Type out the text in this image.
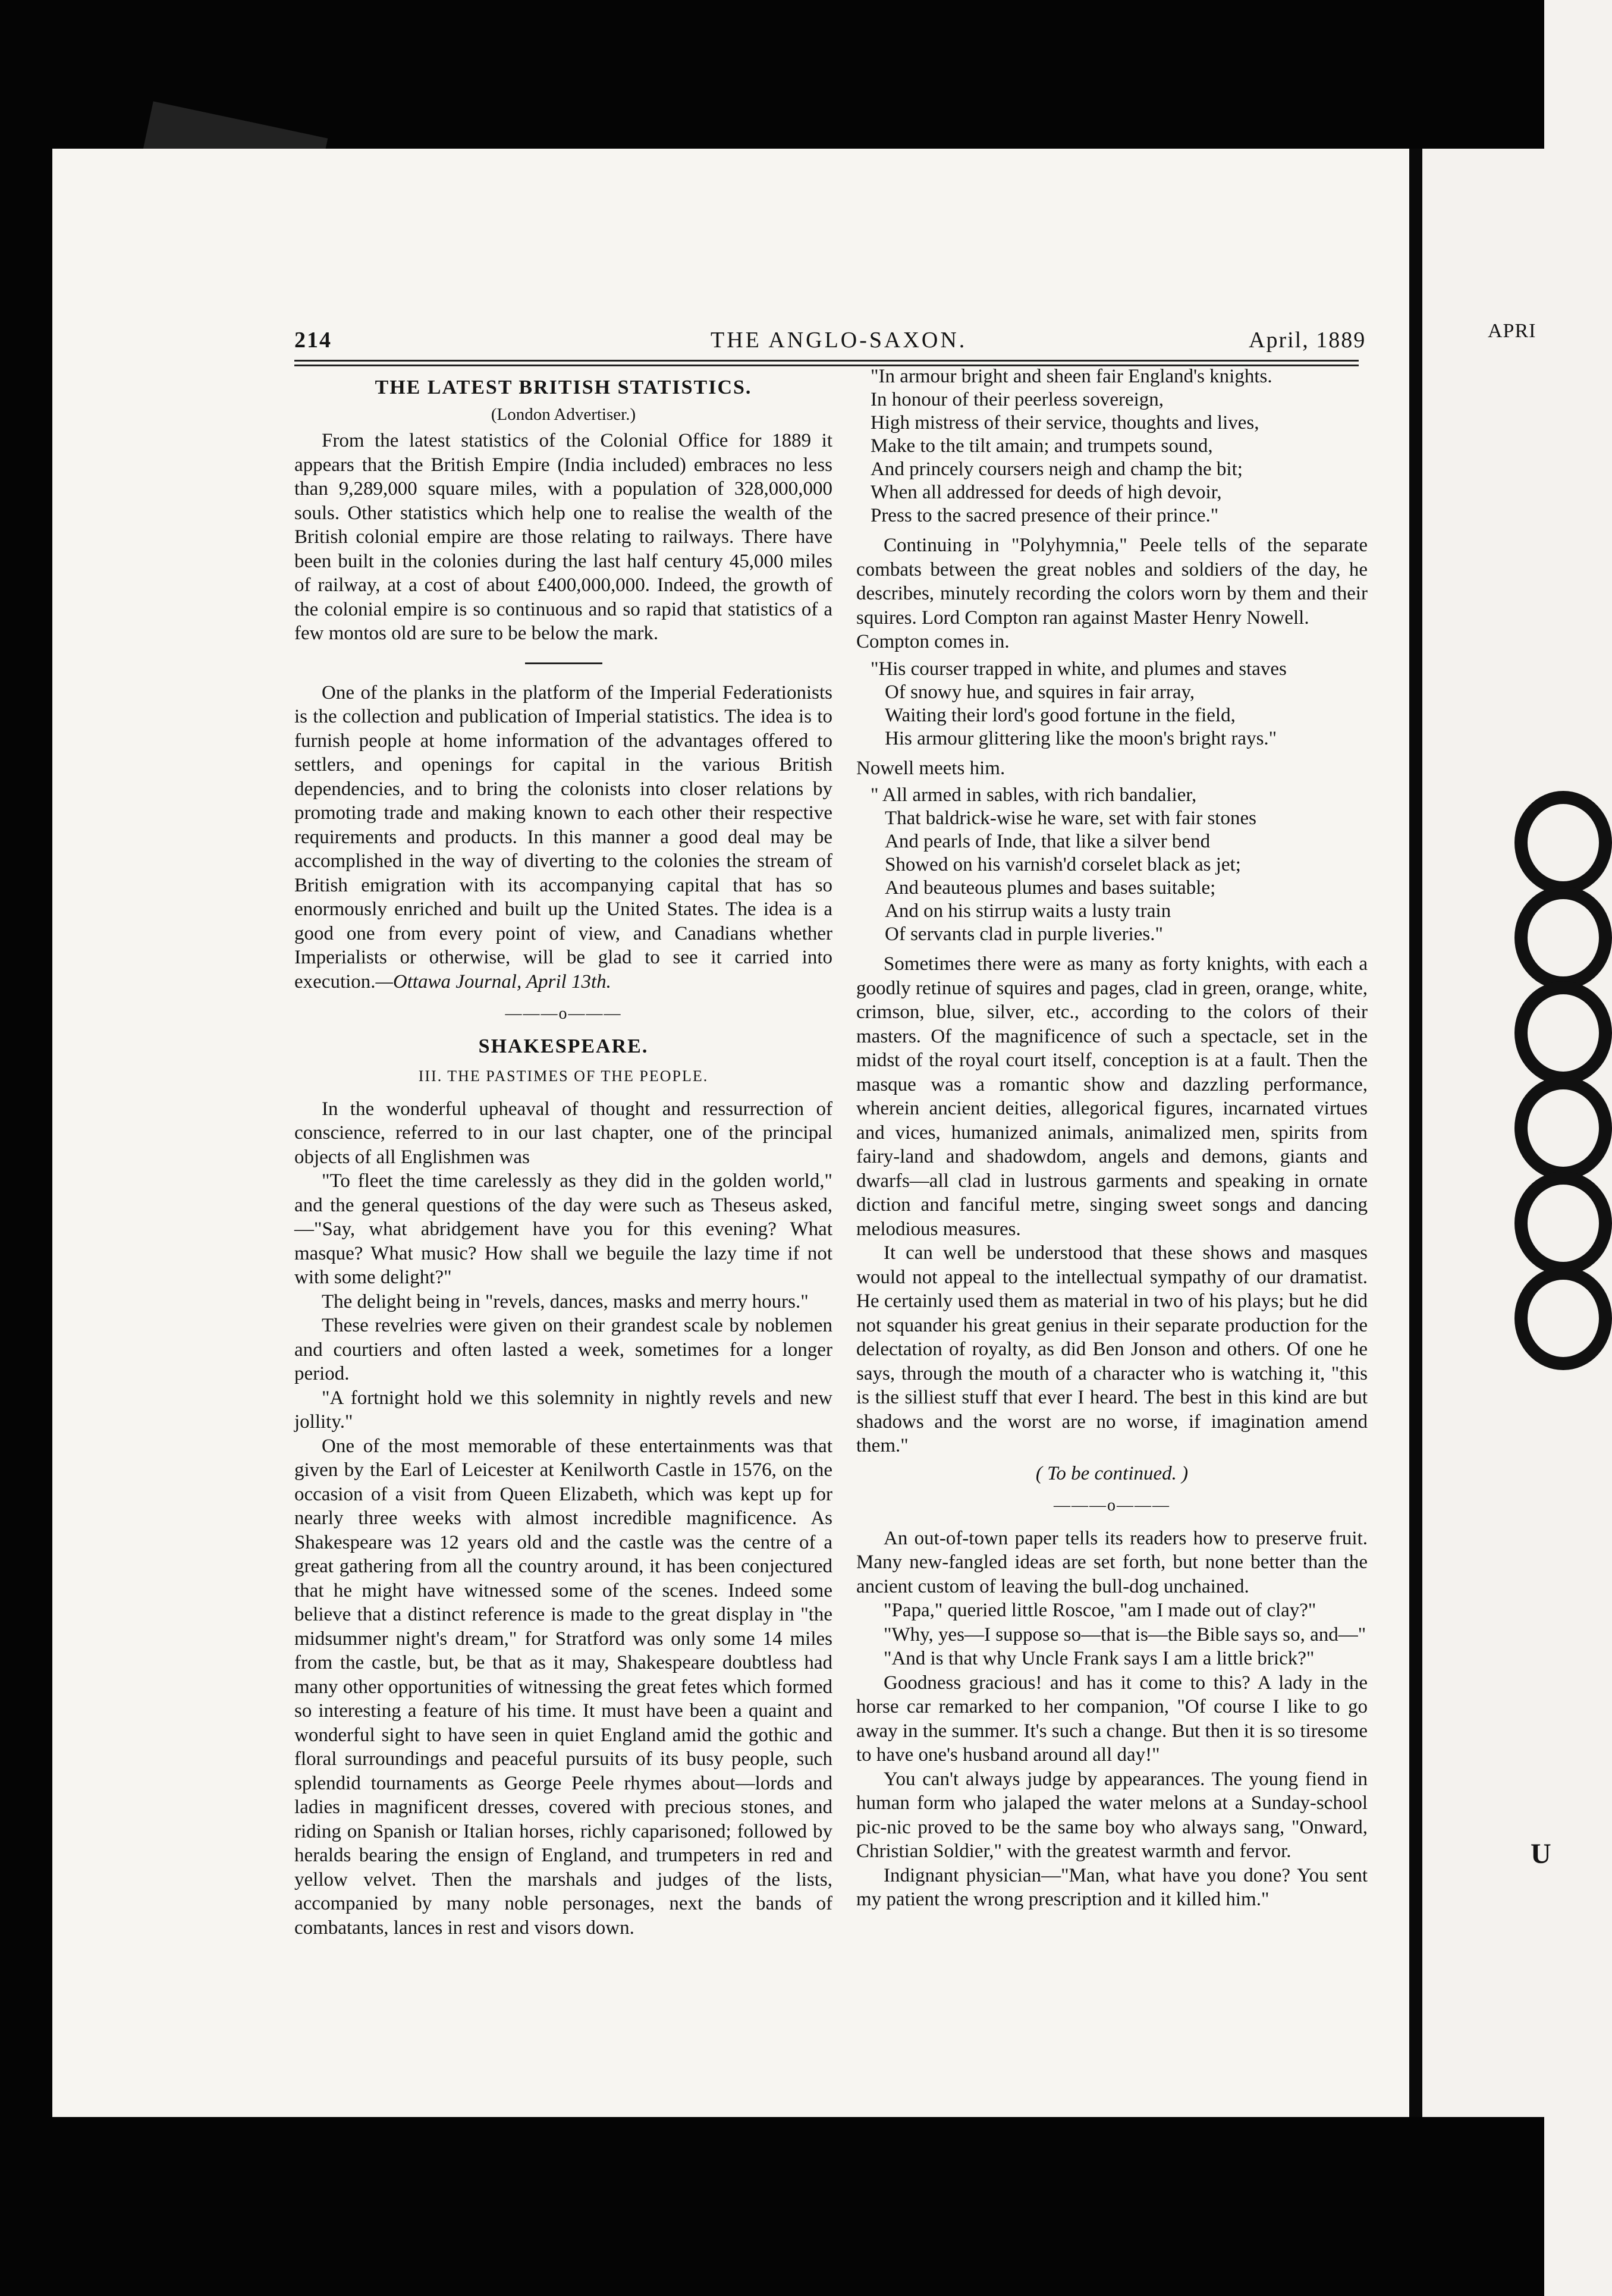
214	THE ANGLO-SAXON.	April, 1889
THE LATEST BRITISH STATISTICS.
(London Advertiser.)

From the latest statistics of the Colonial Office for 1889 it appears that the British Empire (India included) embraces no less than 9,289,000 square miles, with a population of 328,000,000 souls. Other statistics which help one to realise the wealth of the British colonial empire are those relating to railways. There have been built in the colonies during the last half century 45,000 miles of railway, at a cost of about £400,000,000. Indeed, the growth of the colonial empire is so continuous and so rapid that statistics of a few montos old are sure to be below the mark.

One of the planks in the platform of the Imperial Federationists is the collection and publication of Imperial statistics. The idea is to furnish people at home information of the advantages offered to settlers, and openings for capital in the various British dependencies, and to bring the colonists into closer relations by promoting trade and making known to each other their respective requirements and products. In this manner a good deal may be accomplished in the way of diverting to the colonies the stream of British emigration with its accompanying capital that has so enormously enriched and built up the United States. The idea is a good one from every point of view, and Canadians whether Imperialists or otherwise, will be glad to see it carried into execution.—Ottawa Journal, April 13th.

———o———
SHAKESPEARE.
III. THE PASTIMES OF THE PEOPLE.

In the wonderful upheaval of thought and ressurrection of conscience, referred to in our last chapter, one of the principal objects of all Englishmen was

"To fleet the time carelessly as they did in the golden world," and the general questions of the day were such as Theseus asked,—"Say, what abridgement have you for this evening? What masque? What music? How shall we beguile the lazy time if not with some delight?"

The delight being in "revels, dances, masks and merry hours."

These revelries were given on their grandest scale by noblemen and courtiers and often lasted a week, sometimes for a longer period.

"A fortnight hold we this solemnity in nightly revels and new jollity."

One of the most memorable of these entertainments was that given by the Earl of Leicester at Kenilworth Castle in 1576, on the occasion of a visit from Queen Elizabeth, which was kept up for nearly three weeks with almost incredible magnificence. As Shakespeare was 12 years old and the castle was the centre of a great gathering from all the country around, it has been conjectured that he might have witnessed some of the scenes. Indeed some believe that a distinct reference is made to the great display in "the midsummer night's dream," for Stratford was only some 14 miles from the castle, but, be that as it may, Shakespeare doubtless had many other opportunities of witnessing the great fetes which formed so interesting a feature of his time. It must have been a quaint and wonderful sight to have seen in quiet England amid the gothic and floral surroundings and peaceful pursuits of its busy people, such splendid tournaments as George Peele rhymes about—lords and ladies in magnificent dresses, covered with precious stones, and riding on Spanish or Italian horses, richly caparisoned; followed by heralds bearing the ensign of England, and trumpeters in red and yellow velvet. Then the marshals and judges of the lists, accompanied by many noble personages, next the bands of combatants, lances in rest and visors down.

"In armour bright and sheen fair England's knights.
In honour of their peerless sovereign,
High mistress of their service, thoughts and lives,
Make to the tilt amain; and trumpets sound,
And princely coursers neigh and champ the bit;
When all addressed for deeds of high devoir,
Press to the sacred presence of their prince."

Continuing in "Polyhymnia," Peele tells of the separate combats between the great nobles and soldiers of the day, he describes, minutely recording the colors worn by them and their squires. Lord Compton ran against Master Henry Nowell.

Compton comes in.

"His courser trapped in white, and plumes and staves
Of snowy hue, and squires in fair array,
Waiting their lord's good fortune in the field,
His armour glittering like the moon's bright rays."

Nowell meets him.

" All armed in sables, with rich bandalier,
That baldrick-wise he ware, set with fair stones
And pearls of Inde, that like a silver bend
Showed on his varnish'd corselet black as jet;
And beauteous plumes and bases suitable;
And on his stirrup waits a lusty train
Of servants clad in purple liveries."

Sometimes there were as many as forty knights, with each a goodly retinue of squires and pages, clad in green, orange, white, crimson, blue, silver, etc., according to the colors of their masters. Of the magnificence of such a spectacle, set in the midst of the royal court itself, conception is at a fault. Then the masque was a romantic show and dazzling performance, wherein ancient deities, allegorical figures, incarnated virtues and vices, humanized animals, animalized men, spirits from fairy-land and shadowdom, angels and demons, giants and dwarfs—all clad in lustrous garments and speaking in ornate diction and fanciful metre, singing sweet songs and dancing melodious measures.

It can well be understood that these shows and masques would not appeal to the intellectual sympathy of our dramatist. He certainly used them as material in two of his plays; but he did not squander his great genius in their separate production for the delectation of royalty, as did Ben Jonson and others. Of one he says, through the mouth of a character who is watching it, "this is the silliest stuff that ever I heard. The best in this kind are but shadows and the worst are no worse, if imagination amend them."

( To be continued. )
———o———

An out-of-town paper tells its readers how to preserve fruit. Many new-fangled ideas are set forth, but none better than the ancient custom of leaving the bull-dog unchained.

"Papa," queried little Roscoe, "am I made out of clay?"

"Why, yes—I suppose so—that is—the Bible says so, and—"

"And is that why Uncle Frank says I am a little brick?"

Goodness gracious! and has it come to this? A lady in the horse car remarked to her companion, "Of course I like to go away in the summer. It's such a change. But then it is so tiresome to have one's husband around all day!"

You can't always judge by appearances. The young fiend in human form who jalaped the water melons at a Sunday-school pic-nic proved to be the same boy who always sang, "Onward, Christian Soldier," with the greatest warmth and fervor.

Indignant physician—"Man, what have you done? You sent my patient the wrong prescription and it killed him."

APRI
U
